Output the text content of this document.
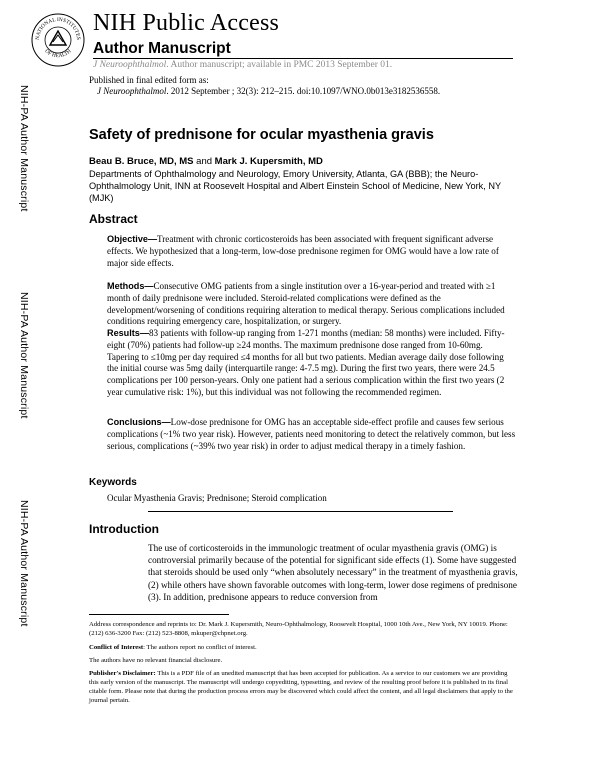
NATIONAL INSTITUTES
OF HEALTH
NIH Public Access
Author Manuscript
J Neuroophthalmol. Author manuscript; available in PMC 2013 September 01.
Published in final edited form as:
J Neuroophthalmol. 2012 September ; 32(3): 212–215. doi:10.1097/WNO.0b013e3182536558.
NIH-PA Author Manuscript
NIH-PA Author Manuscript
NIH-PA Author Manuscript
Safety of prednisone for ocular myasthenia gravis
Beau B. Bruce, MD, MS and Mark J. Kupersmith, MD
Departments of Ophthalmology and Neurology, Emory University, Atlanta, GA (BBB); the Neuro-Ophthalmology Unit, INN at Roosevelt Hospital and Albert Einstein School of Medicine, New York, NY (MJK)
Abstract
Objective—Treatment with chronic corticosteroids has been associated with frequent significant adverse effects. We hypothesized that a long-term, low-dose prednisone regimen for OMG would have a low rate of major side effects.
Methods—Consecutive OMG patients from a single institution over a 16-year-period and treated with ≥1 month of daily prednisone were included. Steroid-related complications were defined as the development/worsening of conditions requiring alteration to medical therapy. Serious complications included conditions requiring emergency care, hospitalization, or surgery.
Results—83 patients with follow-up ranging from 1-271 months (median: 58 months) were included. Fifty-eight (70%) patients had follow-up ≥24 months. The maximum prednisone dose ranged from 10-60mg. Tapering to ≤10mg per day required ≤4 months for all but two patients. Median average daily dose following the initial course was 5mg daily (interquartile range: 4-7.5 mg). During the first two years, there were 24.5 complications per 100 person-years. Only one patient had a serious complication within the first two years (2 year cumulative risk: 1%), but this individual was not following the recommended regimen.
Conclusions—Low-dose prednisone for OMG has an acceptable side-effect profile and causes few serious complications (~1% two year risk). However, patients need monitoring to detect the relatively common, but less serious, complications (~39% two year risk) in order to adjust medical therapy in a timely fashion.
Keywords
Ocular Myasthenia Gravis; Prednisone; Steroid complication
Introduction
The use of corticosteroids in the immunologic treatment of ocular myasthenia gravis (OMG) is controversial primarily because of the potential for significant side effects (1). Some have suggested that steroids should be used only “when absolutely necessary” in the treatment of myasthenia gravis,(2) while others have shown favorable outcomes with long-term, lower dose regimens of prednisone (3). In addition, prednisone appears to reduce conversion from
Address correspondence and reprints to: Dr. Mark J. Kupersmith, Neuro-Ophthalmology, Roosevelt Hospital, 1000 10th Ave., New York, NY 10019. Phone: (212) 636-3200 Fax: (212) 523-8808, mkuper@chpnet.org.
Conflict of Interest: The authors report no conflict of interest.
The authors have no relevant financial disclosure.
Publisher's Disclaimer: This is a PDF file of an unedited manuscript that has been accepted for publication. As a service to our customers we are providing this early version of the manuscript. The manuscript will undergo copyediting, typesetting, and review of the resulting proof before it is published in its final citable form. Please note that during the production process errors may be discovered which could affect the content, and all legal disclaimers that apply to the journal pertain.
